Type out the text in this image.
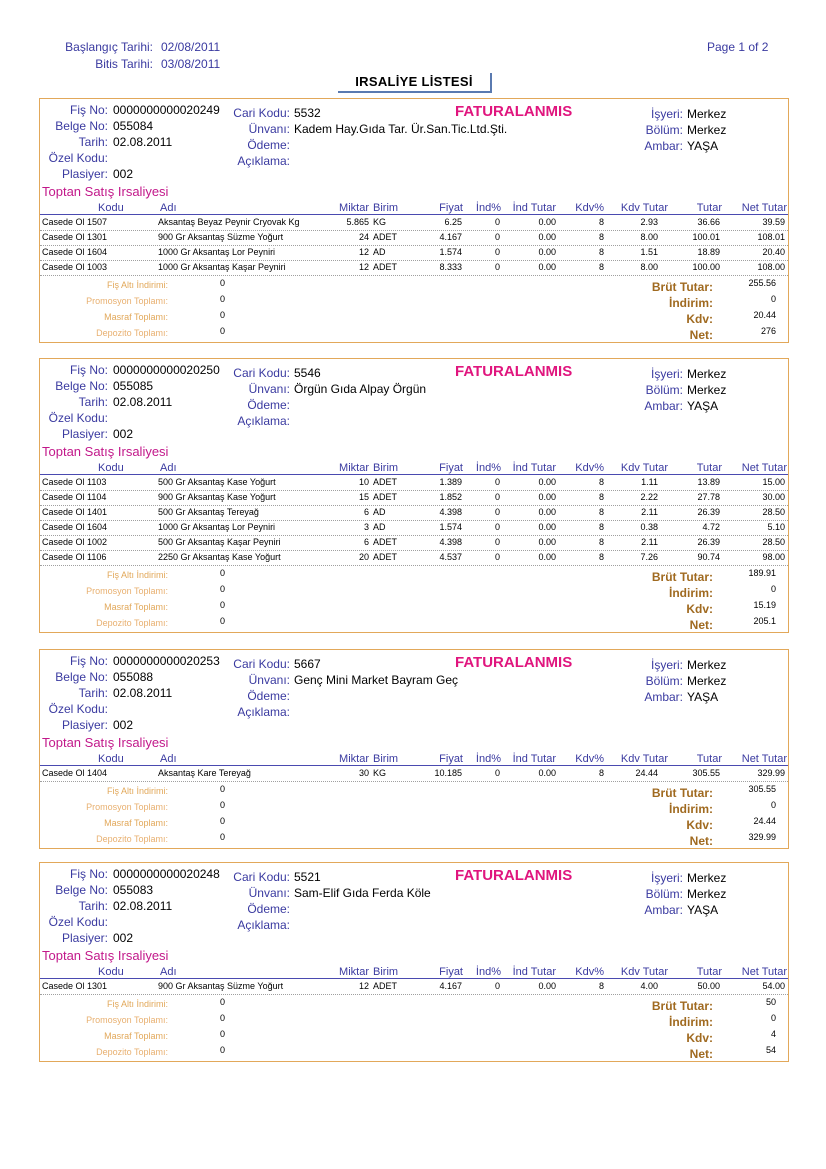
Başlangıç Tarihi: 02/08/2011
Bitis Tarihi: 03/08/2011
Page 1 of 2
IRSALİYE LİSTESİ
Fiş No: 0000000000020249
Belge No: 055084
Tarih: 02.08.2011
Özel Kodu:
Plasiyer: 002
Cari Kodu: 5532
Ünvanı: Kadem Hay.Gıda Tar. Ür.San.Tic.Ltd.Şti.
Ödeme:
Açıklama:
FATURALANMIS	İşyeri: Merkez
Bölüm: Merkez
Ambar: YAŞA
Toptan Satış Irsaliyesi
Kodu	Adı	Miktar Birim	Fiyat	İnd%	İnd Tutar	Kdv%	Kdv Tutar	Tutar	Net Tutar
Casede Ol 1507	Aksantaş Beyaz Peynir Cryovak Kg	5.865 KG	6.25	0	0.00	8	2.93	36.66	39.59
Casede Ol 1301	900 Gr Aksantaş Süzme Yoğurt	24 ADET	4.167	0	0.00	8	8.00	100.01	108.01
Casede Ol 1604	1000 Gr Aksantaş Lor Peyniri	12 AD	1.574	0	0.00	8	1.51	18.89	20.40
Casede Ol 1003	1000 Gr Aksantaş Kaşar Peyniri	12 ADET	8.333	0	0.00	8	8.00	100.00	108.00
Fiş Altı İndirimi:	0
Promosyon Toplamı:	0
Masraf Toplamı:	0
Depozito Toplamı:	0
Brüt Tutar:	255.56
İndirim:	0
Kdv:	20.44
Net:	276
Fiş No: 0000000000020250
Belge No: 055085
Tarih: 02.08.2011
Özel Kodu:
Plasiyer: 002
Cari Kodu: 5546
Ünvanı: Örgün Gıda Alpay Örgün
Ödeme:
Açıklama:
FATURALANMIS	İşyeri: Merkez
Bölüm: Merkez
Ambar: YAŞA
Toptan Satış Irsaliyesi
Kodu	Adı	Miktar Birim	Fiyat	İnd%	İnd Tutar	Kdv%	Kdv Tutar	Tutar	Net Tutar
Casede Ol 1103	500 Gr Aksantaş Kase Yoğurt	10 ADET	1.389	0	0.00	8	1.11	13.89	15.00
Casede Ol 1104	900 Gr Aksantaş Kase Yoğurt	15 ADET	1.852	0	0.00	8	2.22	27.78	30.00
Casede Ol 1401	500 Gr Aksantaş Tereyağ	6 AD	4.398	0	0.00	8	2.11	26.39	28.50
Casede Ol 1604	1000 Gr Aksantaş Lor Peyniri	3 AD	1.574	0	0.00	8	0.38	4.72	5.10
Casede Ol 1002	500 Gr Aksantaş Kaşar Peyniri	6 ADET	4.398	0	0.00	8	2.11	26.39	28.50
Casede Ol 1106	2250 Gr Aksantaş Kase Yoğurt	20 ADET	4.537	0	0.00	8	7.26	90.74	98.00
Fiş Altı İndirimi:	0
Promosyon Toplamı:	0
Masraf Toplamı:	0
Depozito Toplamı:	0
Brüt Tutar:	189.91
İndirim:	0
Kdv:	15.19
Net:	205.1
Fiş No: 0000000000020253
Belge No: 055088
Tarih: 02.08.2011
Özel Kodu:
Plasiyer: 002
Cari Kodu: 5667
Ünvanı: Genç Mini Market Bayram Geç
Ödeme:
Açıklama:
FATURALANMIS	İşyeri: Merkez
Bölüm: Merkez
Ambar: YAŞA
Toptan Satış Irsaliyesi
Kodu	Adı	Miktar Birim	Fiyat	İnd%	İnd Tutar	Kdv%	Kdv Tutar	Tutar	Net Tutar
Casede Ol 1404	Aksantaş Kare Tereyağ	30 KG	10.185	0	0.00	8	24.44	305.55	329.99
Fiş Altı İndirimi:	0
Promosyon Toplamı:	0
Masraf Toplamı:	0
Depozito Toplamı:	0
Brüt Tutar:	305.55
İndirim:	0
Kdv:	24.44
Net:	329.99
Fiş No: 0000000000020248
Belge No: 055083
Tarih: 02.08.2011
Özel Kodu:
Plasiyer: 002
Cari Kodu: 5521
Ünvanı: Sam-Elif Gıda Ferda Köle
Ödeme:
Açıklama:
FATURALANMIS	İşyeri: Merkez
Bölüm: Merkez
Ambar: YAŞA
Toptan Satış Irsaliyesi
Kodu	Adı	Miktar Birim	Fiyat	İnd%	İnd Tutar	Kdv%	Kdv Tutar	Tutar	Net Tutar
Casede Ol 1301	900 Gr Aksantaş Süzme Yoğurt	12 ADET	4.167	0	0.00	8	4.00	50.00	54.00
Fiş Altı İndirimi:	0
Promosyon Toplamı:	0
Masraf Toplamı:	0
Depozito Toplamı:	0
Brüt Tutar:	50
İndirim:	0
Kdv:	4
Net:	54
